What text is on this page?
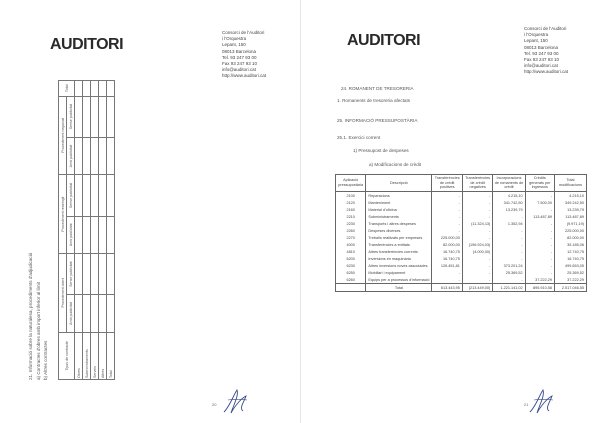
AUDITORI
Consorci de l'Auditori
i l'Orquestra
Lepant, 150
08013 Barcelona
Tel. 93 247 93 00
Fax 93 247 93 10
info@auditori.cat
http://www.auditori.cat
21. Informació sobre la naturalesa, procediments d'adjudicació a) Contractes d'obres amb import inferior al límit b) Altres contractes	Tipus de contracte	Procediment obert		Procediment restringit		Procediment negociat		Total
	Amb publicitat	Sense publicitat	Amb publicitat	Sense publicitat	Amb publicitat	Sense publicitat	
Obres							
Subministraments							
Serveis							
Altres							
Total							
20
AUDITORI
Consorci de l'Auditori
i l'Orquestra
Lepant, 150
08013 Barcelona
Tel. 93 247 93 00
Fax 93 247 93 10
info@auditori.cat
http://www.auditori.cat
24. ROMANENT DE TRESORERIA
1. Romanents de tresoreria afectats
25. INFORMACIÓ PRESSUPOSTÀRIA
25.1. Exercici corrent
1) Pressupost de despeses
a) Modificacions de crèdit
Aplicació pressupostària	Descripció	Transferències de crèdit positives	Transferències de crèdit negatives	Incorporacions de romanents de crèdit	Crèdits generats per ingressos	Total modificacions
2100	Reparacions	-	-	4.215,10	-	4.215,10
2120	Manteniment	-	-	341.742,50	7.500,00	349.242,50
2160	Material d'oficina	-	-	13.239,79	-	13.239,79
2210	Subministraments	-	-	-	113.487,89	113.487,89
2230	Transports i altres despeses	-	(11.324,13)	1.352,94	-	(9.971,19)
2260	Despeses diverses	-	-	-	-	225.000,00
2270	Treballs realitzats per empreses	225.000,00	-	-	-	82.000,00
4000	Transferències a entitats	82.000,00	(196.924,03)	-	-	35.185,06
4810	Altres transferències corrents	16.740,75	(4.000,00)	-	-	12.740,75
6200	Inversions en maquinària	16.740,75	-	-	-	16.740,75
6230	Altres inversions noves associades	126.451,81	-	373.201,24	-	499.653,05
6250	Mobiliari i equipament	-	-	25.369,52	-	25.369,52
6260	Equips per a processos d'informació	-	-	-	37.222,29	37.222,29
	Total	613.443,95	(213.449,00)	1.221.141,02	895.910,58	2.517.046,55
21
